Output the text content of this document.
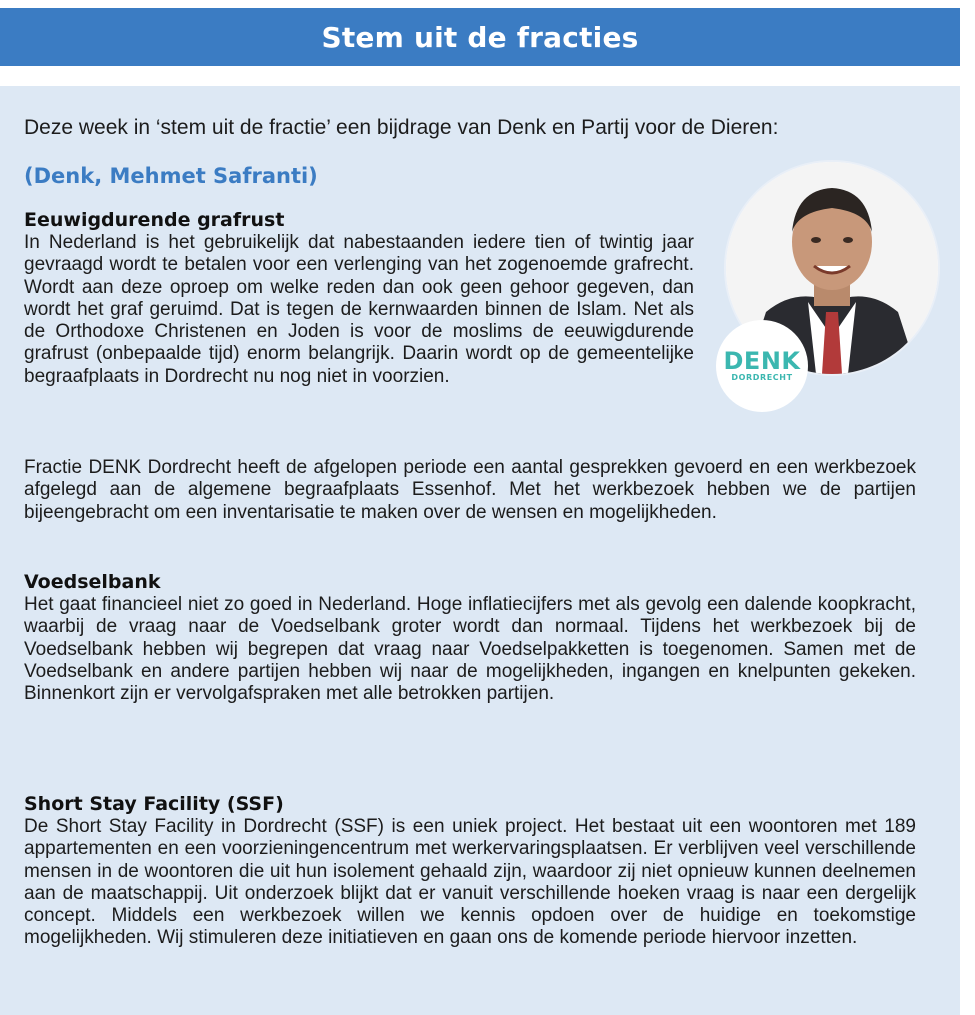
Stem uit de fracties
Deze week in ‘stem uit de fractie’ een bijdrage van Denk en Partij voor de Dieren:
(Denk, Mehmet Safranti)
DENK
DORDRECHT
Eeuwigdurende grafrust

In Nederland is het gebruikelijk dat nabestaanden iedere tien of twintig jaar gevraagd wordt te betalen voor een verlenging van het zogenoemde grafrecht. Wordt aan deze oproep om welke reden dan ook geen gehoor gegeven, dan wordt het graf geruimd. Dat is tegen de kernwaarden binnen de Islam. Net als de Orthodoxe Christenen en Joden is voor de moslims de eeuwigdurende grafrust (onbepaalde tijd) enorm belangrijk. Daarin wordt op de gemeentelijke begraafplaats in Dordrecht nu nog niet in voorzien.

Fractie DENK Dordrecht heeft de afgelopen periode een aantal gesprekken gevoerd en een werkbezoek afgelegd aan de algemene begraafplaats Essenhof. Met het werkbezoek hebben we de partijen bijeengebracht om een inventarisatie te maken over de wensen en mogelijkheden.

Voedselbank

Het gaat financieel niet zo goed in Nederland. Hoge inflatiecijfers met als gevolg een dalende koopkracht, waarbij de vraag naar de Voedselbank groter wordt dan normaal. Tijdens het werkbezoek bij de Voedselbank hebben wij begrepen dat vraag naar Voedselpakketten is toegenomen. Samen met de Voedselbank en andere partijen hebben wij naar de mogelijkheden, ingangen en knelpunten gekeken. Binnenkort zijn er vervolgafspraken met alle betrokken partijen.

Short Stay Facility (SSF)

De Short Stay Facility in Dordrecht (SSF) is een uniek project. Het bestaat uit een woontoren met 189 appartementen en een voorzieningencentrum met werkervaringsplaatsen. Er verblijven veel verschillende mensen in de woontoren die uit hun isolement gehaald zijn, waardoor zij niet opnieuw kunnen deelnemen aan de maatschappij. Uit onderzoek blijkt dat er vanuit verschillende hoeken vraag is naar een dergelijk concept. Middels een werkbezoek willen we kennis opdoen over de huidige en toekomstige mogelijkheden. Wij stimuleren deze initiatieven en gaan ons de komende periode hiervoor inzetten.
